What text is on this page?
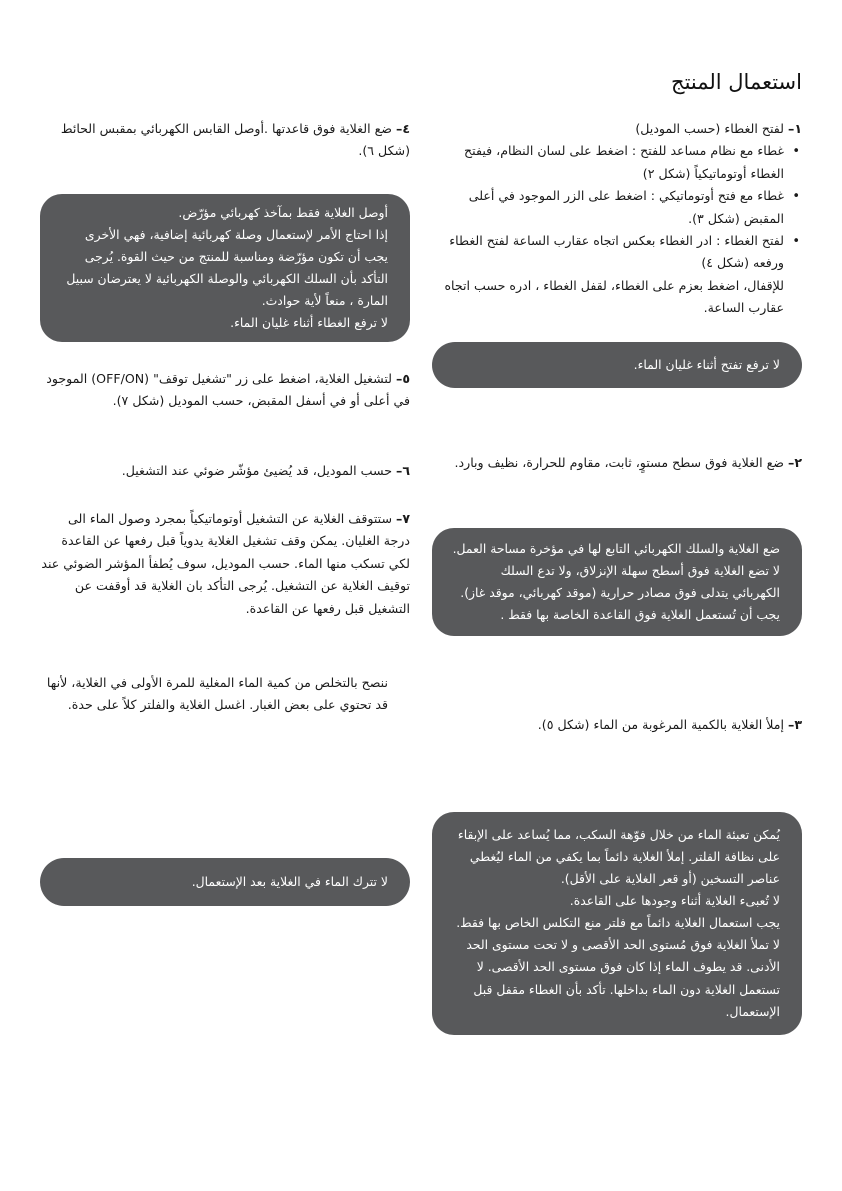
استعمال المنتج
١– لفتح الغطاء (حسب الموديل)
• غطاء مع نظام مساعد للفتح : اضغط على لسان النظام، فيفتح الغطاء أوتوماتيكياً (شكل ٢)
• غطاء مع فتح أوتوماتيكي : اضغط على الزر الموجود في أعلى المقبض (شكل ٣).
• لفتح الغطاء : ادر الغطاء بعكس اتجاه عقارب الساعة لفتح الغطاء ورفعه (شكل ٤)

للإقفال، اضغط بعزم على الغطاء، لقفل الغطاء ، ادره حسب اتجاه عقارب الساعة.

لا ترفع تفتح أثناء غليان الماء.

٢– ضع الغلاية فوق سطح مستوٍ، ثابت، مقاوم للحرارة، نظيف وبارد.

ضع الغلاية والسلك الكهربائي التابع لها في مؤخرة مساحة العمل.

لا تضع الغلاية فوق أسطح سهلة الإنزلاق، ولا تدع السلك الكهربائي يتدلى فوق مصادر حرارية (موقد كهربائي، موقد غاز).

يجب أن تُستعمل الغلاية فوق القاعدة الخاصة بها فقط .

٣– إملأ الغلاية بالكمية المرغوبة من الماء (شكل ٥).

يُمكن تعبئة الماء من خلال فوّهة السكب، مما يُساعد على الإبقاء على نظافة الفلتر. إملأ الغلاية دائماً بما يكفي من الماء ليُغطي عناصر التسخين (أو قعر الغلاية على الأقل).

لا تُعبىء الغلاية أثناء وجودها على القاعدة.

يجب استعمال الغلاية دائماً مع فلتر منع التكلس الخاص بها فقط.

لا تملأ الغلاية فوق مُستوى الحد الأقصى و لا تحت مستوى الحد الأدنى. قد يطوف الماء إذا كان فوق مستوى الحد الأقصى. لا تستعمل الغلاية دون الماء بداخلها. تأكد بأن الغطاء مقفل قبل الإستعمال.

٤– ضع الغلاية فوق قاعدتها .أوصل القابس الكهربائي بمقبس الحائط (شكل ٦).

أوصل الغلاية فقط بمآخذ كهربائي مؤرّض.

إذا احتاج الأمر لإستعمال وصلة كهربائية إضافية، فهي الأخرى يجب أن تكون مؤرّضة ومناسبة للمنتج من حيث القوة. يُرجى التأكد بأن السلك الكهربائي والوصلة الكهربائية لا يعترضان سبيل المارة ، منعاً لأية حوادث.

لا ترفع الغطاء أثناء غليان الماء.

٥– لتشغيل الغلاية، اضغط على زر "تشغيل توقف" (OFF/ON) الموجود في أعلى أو في أسفل المقبض، حسب الموديل (شكل ٧).
٦– حسب الموديل، قد يُضيئ مؤشّر ضوئي عند التشغيل.
٧– ستتوقف الغلاية عن التشغيل أوتوماتيكياً بمجرد وصول الماء الى درجة الغليان. يمكن وقف تشغيل الغلاية يدوياً قبل رفعها عن القاعدة لكي تسكب منها الماء. حسب الموديل، سوف يُطفأ المؤشر الضوئي عند توقيف الغلاية عن التشغيل. يُرجى التأكد بان الغلاية قد أوقفت عن التشغيل قبل رفعها عن القاعدة.

ننصح بالتخلص من كمية الماء المغلية للمرة الأولى في الغلاية، لأنها قد تحتوي على بعض الغبار. اغسل الغلاية والفلتر كلاً على حدة.

لا تترك الماء في الغلاية بعد الإستعمال.
